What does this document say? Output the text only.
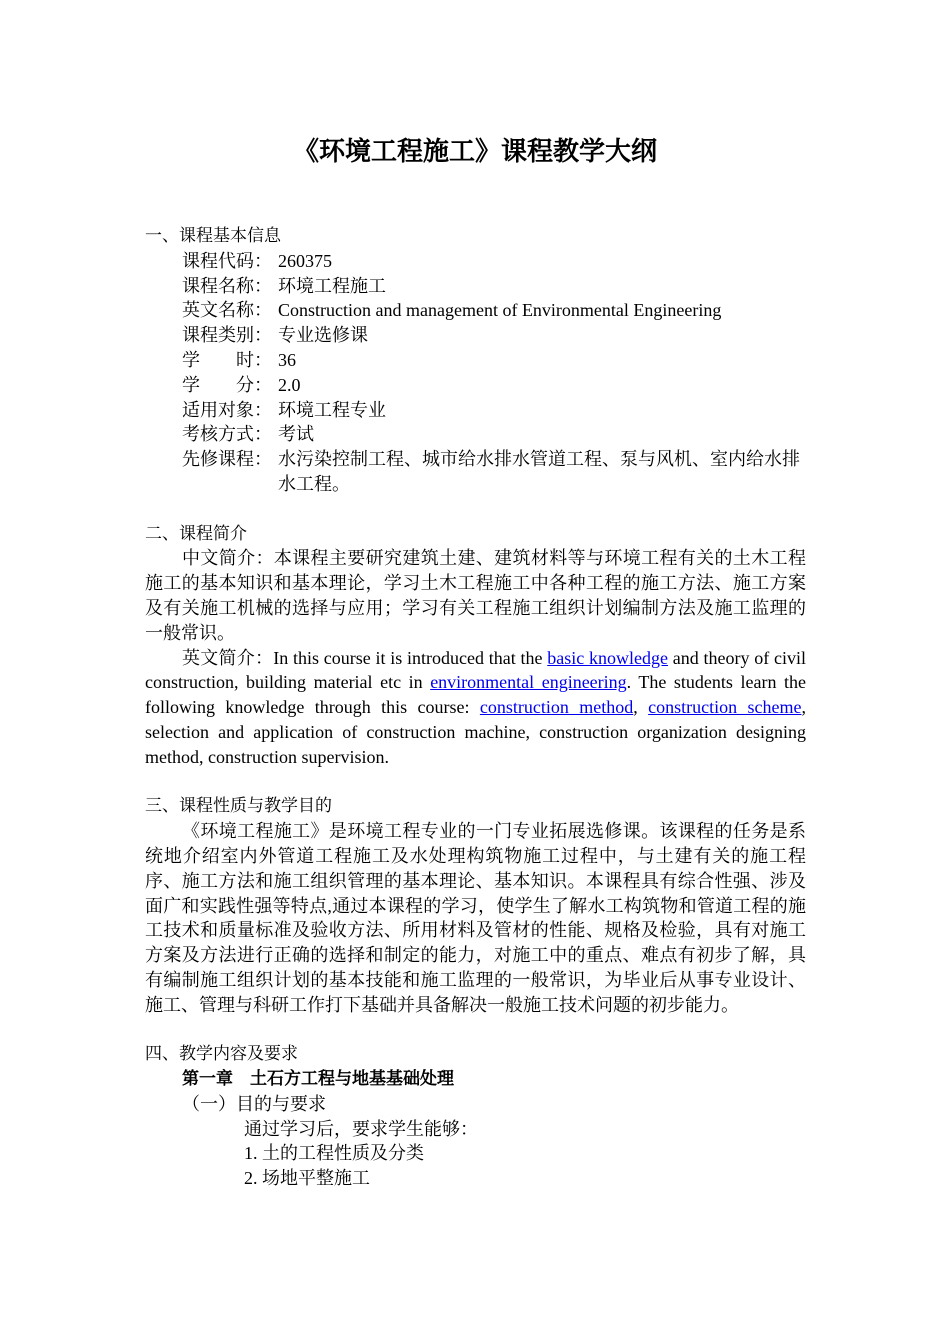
《环境工程施工》课程教学大纲
一、课程基本信息
课程代码： 260375
课程名称： 环境工程施工
英文名称： Construction and management of Environmental Engineering
课程类别： 专业选修课
学　　时： 36
学　　分： 2.0
适用对象： 环境工程专业
考核方式： 考试
先修课程： 水污染控制工程、城市给水排水管道工程、泵与风机、室内给水排水工程。
二、课程简介
中文简介：本课程主要研究建筑土建、建筑材料等与环境工程有关的土木工程施工的基本知识和基本理论，学习土木工程施工中各种工程的施工方法、施工方案及有关施工机械的选择与应用；学习有关工程施工组织计划编制方法及施工监理的一般常识。
英文简介：In this course it is introduced that the basic knowledge and theory of civil construction, building material etc in environmental engineering. The students learn the following knowledge through this course: construction method, construction scheme, selection and application of construction machine, construction organization designing method, construction supervision.
三、课程性质与教学目的
《环境工程施工》是环境工程专业的一门专业拓展选修课。该课程的任务是系统地介绍室内外管道工程施工及水处理构筑物施工过程中，与土建有关的施工程序、施工方法和施工组织管理的基本理论、基本知识。本课程具有综合性强、涉及面广和实践性强等特点,通过本课程的学习，使学生了解水工构筑物和管道工程的施工技术和质量标准及验收方法、所用材料及管材的性能、规格及检验，具有对施工方案及方法进行正确的选择和制定的能力，对施工中的重点、难点有初步了解，具有编制施工组织计划的基本技能和施工监理的一般常识，为毕业后从事专业设计、施工、管理与科研工作打下基础并具备解决一般施工技术问题的初步能力。
四、教学内容及要求
第一章　土石方工程与地基基础处理
（一）目的与要求
通过学习后，要求学生能够：
1. 土的工程性质及分类
2. 场地平整施工
